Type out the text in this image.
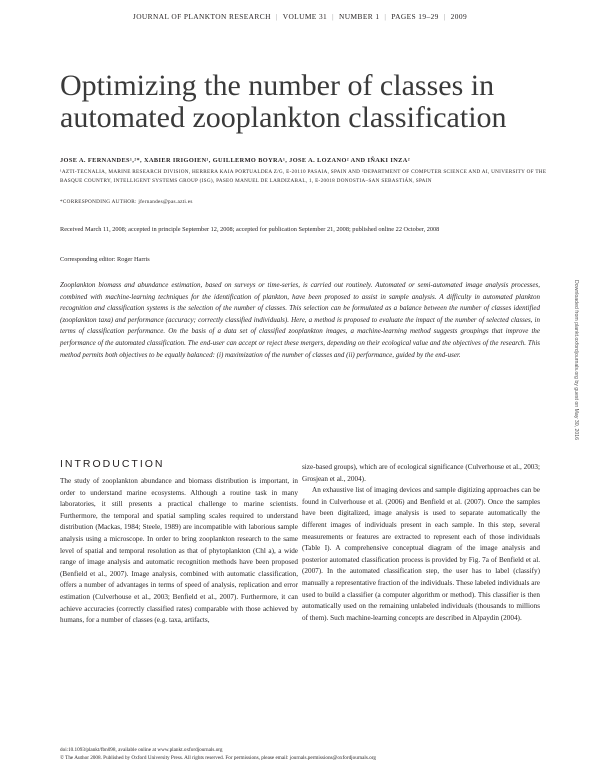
JOURNAL OF PLANKTON RESEARCH | VOLUME 31 | NUMBER 1 | PAGES 19–29 | 2009
Optimizing the number of classes in automated zooplankton classification
JOSE A. FERNANDES¹,²*, XABIER IRIGOIEN¹, GUILLERMO BOYRA¹, JOSE A. LOZANO² AND IÑAKI INZA²
¹AZTI-TECNALIA, MARINE RESEARCH DIVISION, HERRERA KAIA PORTUALDEA Z/G, E-20110 PASAIA, SPAIN AND ²DEPARTMENT OF COMPUTER SCIENCE AND AI, UNIVERSITY OF THE BASQUE COUNTRY, INTELLIGENT SYSTEMS GROUP (ISG), PASEO MANUEL DE LARDIZABAL, 1, E-20018 DONOSTIA–SAN SEBASTIÁN, SPAIN
*CORRESPONDING AUTHOR: jfernandes@pas.azti.es
Received March 11, 2008; accepted in principle September 12, 2008; accepted for publication September 21, 2008; published online 22 October, 2008
Corresponding editor: Roger Harris
Zooplankton biomass and abundance estimation, based on surveys or time-series, is carried out routinely. Automated or semi-automated image analysis processes, combined with machine-learning techniques for the identification of plankton, have been proposed to assist in sample analysis. A difficulty in automated plankton recognition and classification systems is the selection of the number of classes. This selection can be formulated as a balance between the number of classes identified (zooplankton taxa) and performance (accuracy; correctly classified individuals). Here, a method is proposed to evaluate the impact of the number of selected classes, in terms of classification performance. On the basis of a data set of classified zooplankton images, a machine-learning method suggests groupings that improve the performance of the automated classification. The end-user can accept or reject these mergers, depending on their ecological value and the objectives of the research. This method permits both objectives to be equally balanced: (i) maximization of the number of classes and (ii) performance, guided by the end-user.	Downloaded from plankt.oxfordjournals.org by guest on May 30, 2016
INTRODUCTION

The study of zooplankton abundance and biomass distribution is important, in order to understand marine ecosystems. Although a routine task in many laboratories, it still presents a practical challenge to marine scientists. Furthermore, the temporal and spatial sampling scales required to understand distribution (Mackas, 1984; Steele, 1989) are incompatible with laborious sample analysis using a microscope. In order to bring zooplankton research to the same level of spatial and temporal resolution as that of phytoplankton (Chl a), a wide range of image analysis and automatic recognition methods have been proposed (Benfield et al., 2007). Image analysis, combined with automatic classification, offers a number of advantages in terms of speed of analysis, replication and error estimation (Culverhouse et al., 2003; Benfield et al., 2007). Furthermore, it can achieve accuracies (correctly classified rates) comparable with those achieved by humans, for a number of classes (e.g. taxa, artifacts,

size-based groups), which are of ecological significance (Culverhouse et al., 2003; Grosjean et al., 2004).

An exhaustive list of imaging devices and sample digitizing approaches can be found in Culverhouse et al. (2006) and Benfield et al. (2007). Once the samples have been digitalized, image analysis is used to separate automatically the different images of individuals present in each sample. In this step, several measurements or features are extracted to represent each of those individuals (Table I). A comprehensive conceptual diagram of the image analysis and posterior automated classification process is provided by Fig. 7a of Benfield et al. (2007). In the automated classification step, the user has to label (classify) manually a representative fraction of the individuals. These labeled individuals are used to build a classifier (a computer algorithm or method). This classifier is then automatically used on the remaining unlabeled individuals (thousands to millions of them). Such machine-learning concepts are described in Alpaydin (2004).

doi:10.1093/plankt/fbn098, available online at www.plankt.oxfordjournals.org
© The Author 2008. Published by Oxford University Press. All rights reserved. For permissions, please email: journals.permissions@oxfordjournals.org
